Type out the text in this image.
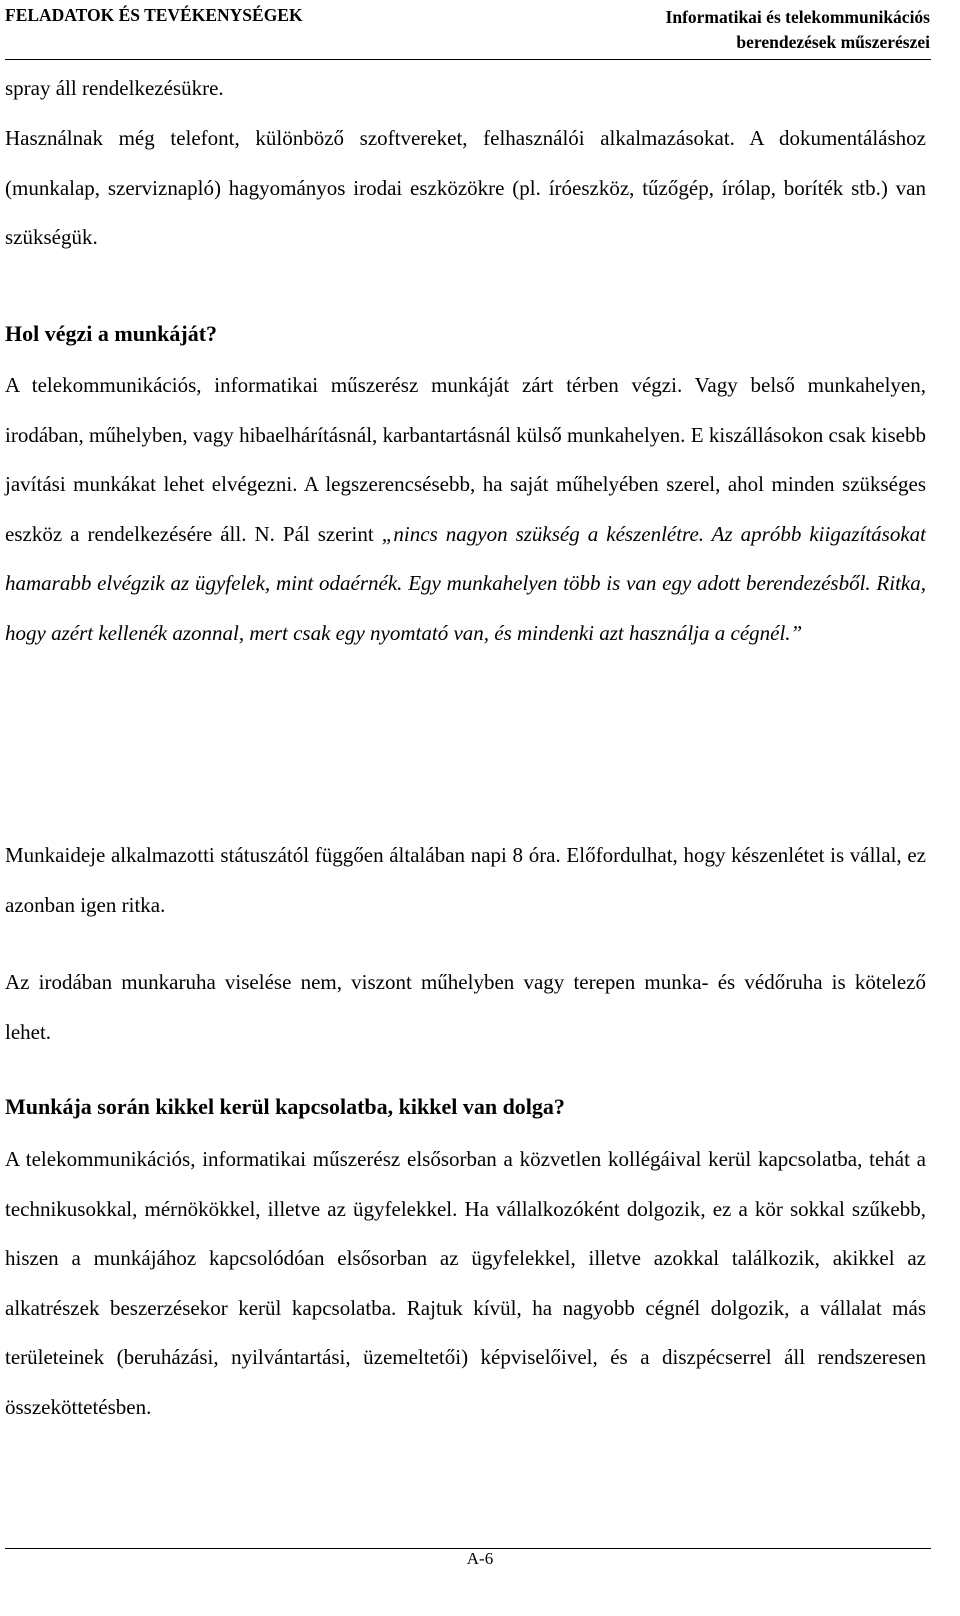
FELADATOK ÉS TEVÉKENYSÉGEK	Informatikai és telekommunikációs
berendezések műszerészei

spray áll rendelkezésükre.

Használnak még telefont, különböző szoftvereket, felhasználói alkalmazásokat. A dokumentáláshoz (munkalap, szerviznapló) hagyományos irodai eszközökre (pl. íróeszköz, tűzőgép, írólap, boríték stb.) van szükségük.

Hol végzi a munkáját?

A telekommunikációs, informatikai műszerész munkáját zárt térben végzi. Vagy belső munkahelyen, irodában, műhelyben, vagy hibaelhárításnál, karbantartásnál külső munkahelyen. E kiszállásokon csak kisebb javítási munkákat lehet elvégezni. A legszerencsésebb, ha saját műhelyében szerel, ahol minden szükséges eszköz a rendelkezésére áll. N. Pál szerint „nincs nagyon szükség a készenlétre. Az apróbb kiigazításokat hamarabb elvégzik az ügyfelek, mint odaérnék. Egy munkahelyen több is van egy adott berendezésből. Ritka, hogy azért kellenék azonnal, mert csak egy nyomtató van, és mindenki azt használja a cégnél.”

Munkaideje alkalmazotti státuszától függően általában napi 8 óra. Előfordulhat, hogy készenlétet is vállal, ez azonban igen ritka.

Az irodában munkaruha viselése nem, viszont műhelyben vagy terepen munka- és védőruha is kötelező lehet.

Munkája során kikkel kerül kapcsolatba, kikkel van dolga?

A telekommunikációs, informatikai műszerész elsősorban a közvetlen kollégáival kerül kapcsolatba, tehát a technikusokkal, mérnökökkel, illetve az ügyfelekkel. Ha vállalkozóként dolgozik, ez a kör sokkal szűkebb, hiszen a munkájához kapcsolódóan elsősorban az ügyfelekkel, illetve azokkal találkozik, akikkel az alkatrészek beszerzésekor kerül kapcsolatba. Rajtuk kívül, ha nagyobb cégnél dolgozik, a vállalat más területeinek (beruházási, nyilvántartási, üzemeltetői) képviselőivel, és a diszpécserrel áll rendszeresen összeköttetésben.

A-6
